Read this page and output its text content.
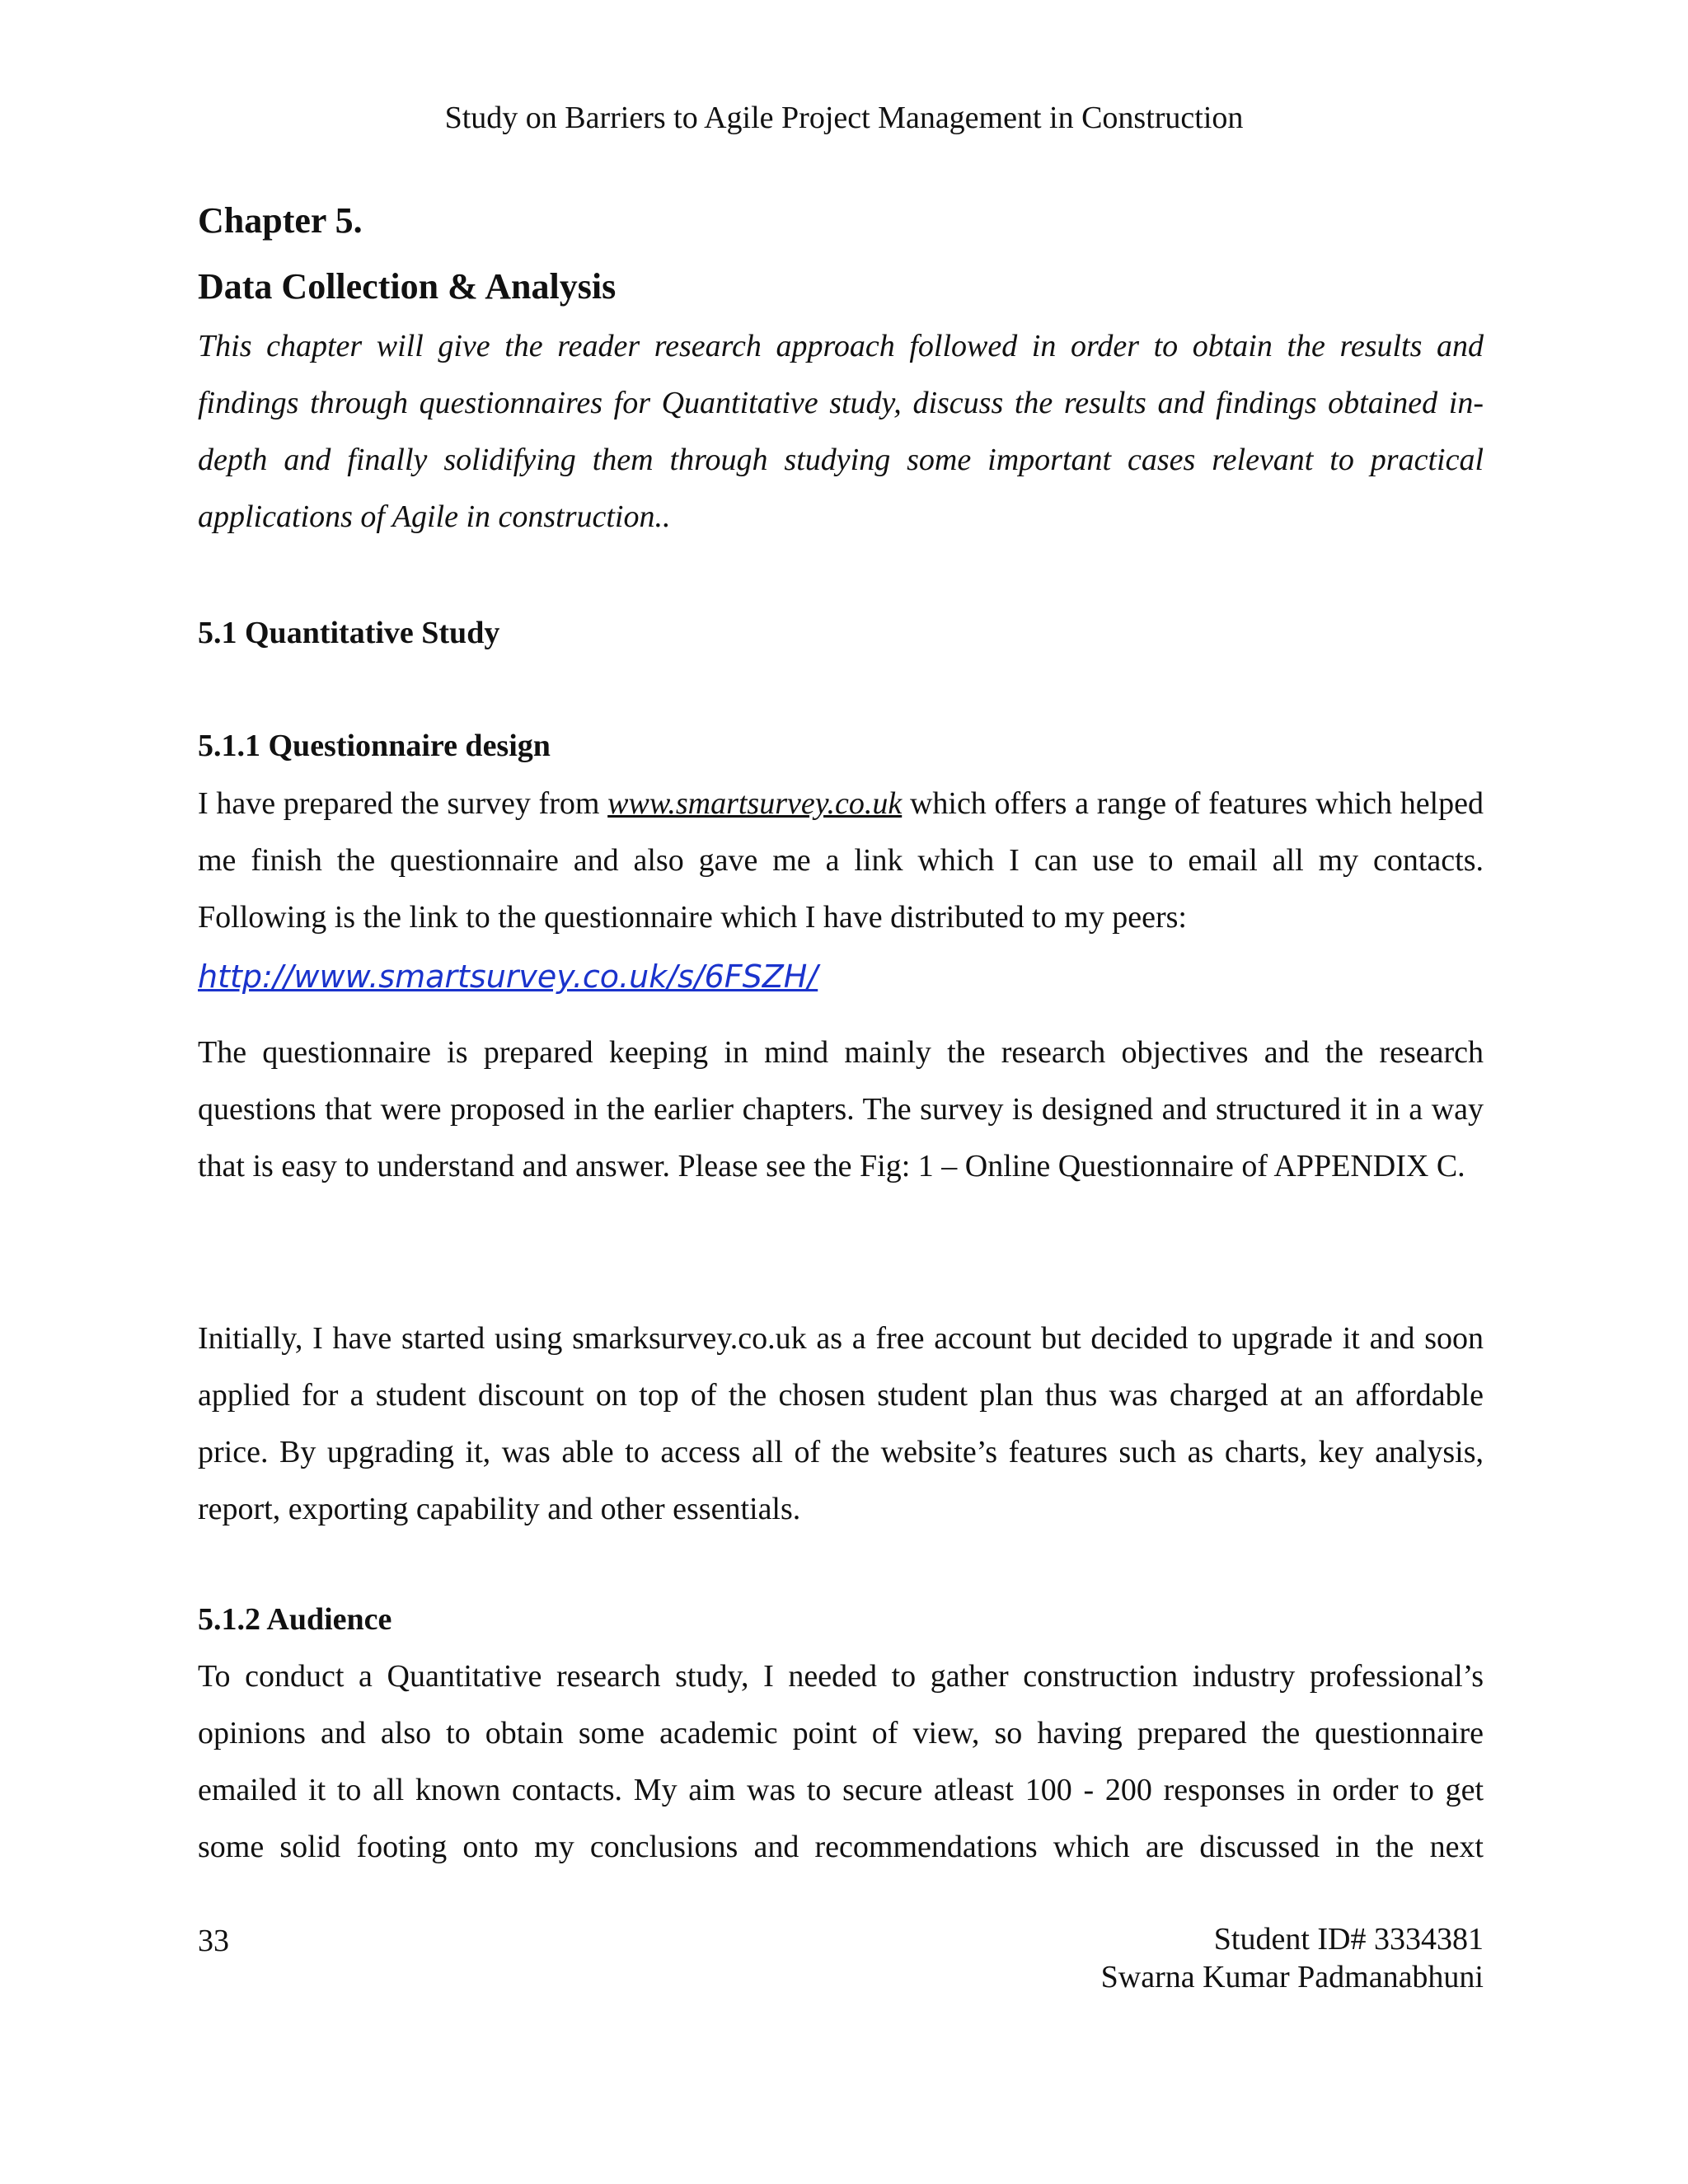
Study on Barriers to Agile Project Management in Construction
Chapter 5.
Data Collection & Analysis
This chapter will give the reader research approach followed in order to obtain the results and findings through questionnaires for Quantitative study, discuss the results and findings obtained in-depth and finally solidifying them through studying some important cases relevant to practical applications of Agile in construction..
5.1 Quantitative Study
5.1.1 Questionnaire design
I have prepared the survey from www.smartsurvey.co.uk which offers a range of features which helped me finish the questionnaire and also gave me a link which I can use to email all my contacts. Following is the link to the questionnaire which I have distributed to my peers:
http://www.smartsurvey.co.uk/s/6FSZH/
The questionnaire is prepared keeping in mind mainly the research objectives and the research questions that were proposed in the earlier chapters. The survey is designed and structured it in a way that is easy to understand and answer. Please see the Fig: 1 – Online Questionnaire of APPENDIX C.
Initially, I have started using smarksurvey.co.uk as a free account but decided to upgrade it and soon applied for a student discount on top of the chosen student plan thus was charged at an affordable price. By upgrading it, was able to access all of the website’s features such as charts, key analysis, report, exporting capability and other essentials.
5.1.2 Audience
To conduct a Quantitative research study, I needed to gather construction industry professional’s opinions and also to obtain some academic point of view, so having prepared the questionnaire emailed it to all known contacts. My aim was to secure atleast 100 - 200 responses in order to get some solid footing onto my conclusions and recommendations which are discussed in the next
33	Student ID# 3334381
Swarna Kumar Padmanabhuni
